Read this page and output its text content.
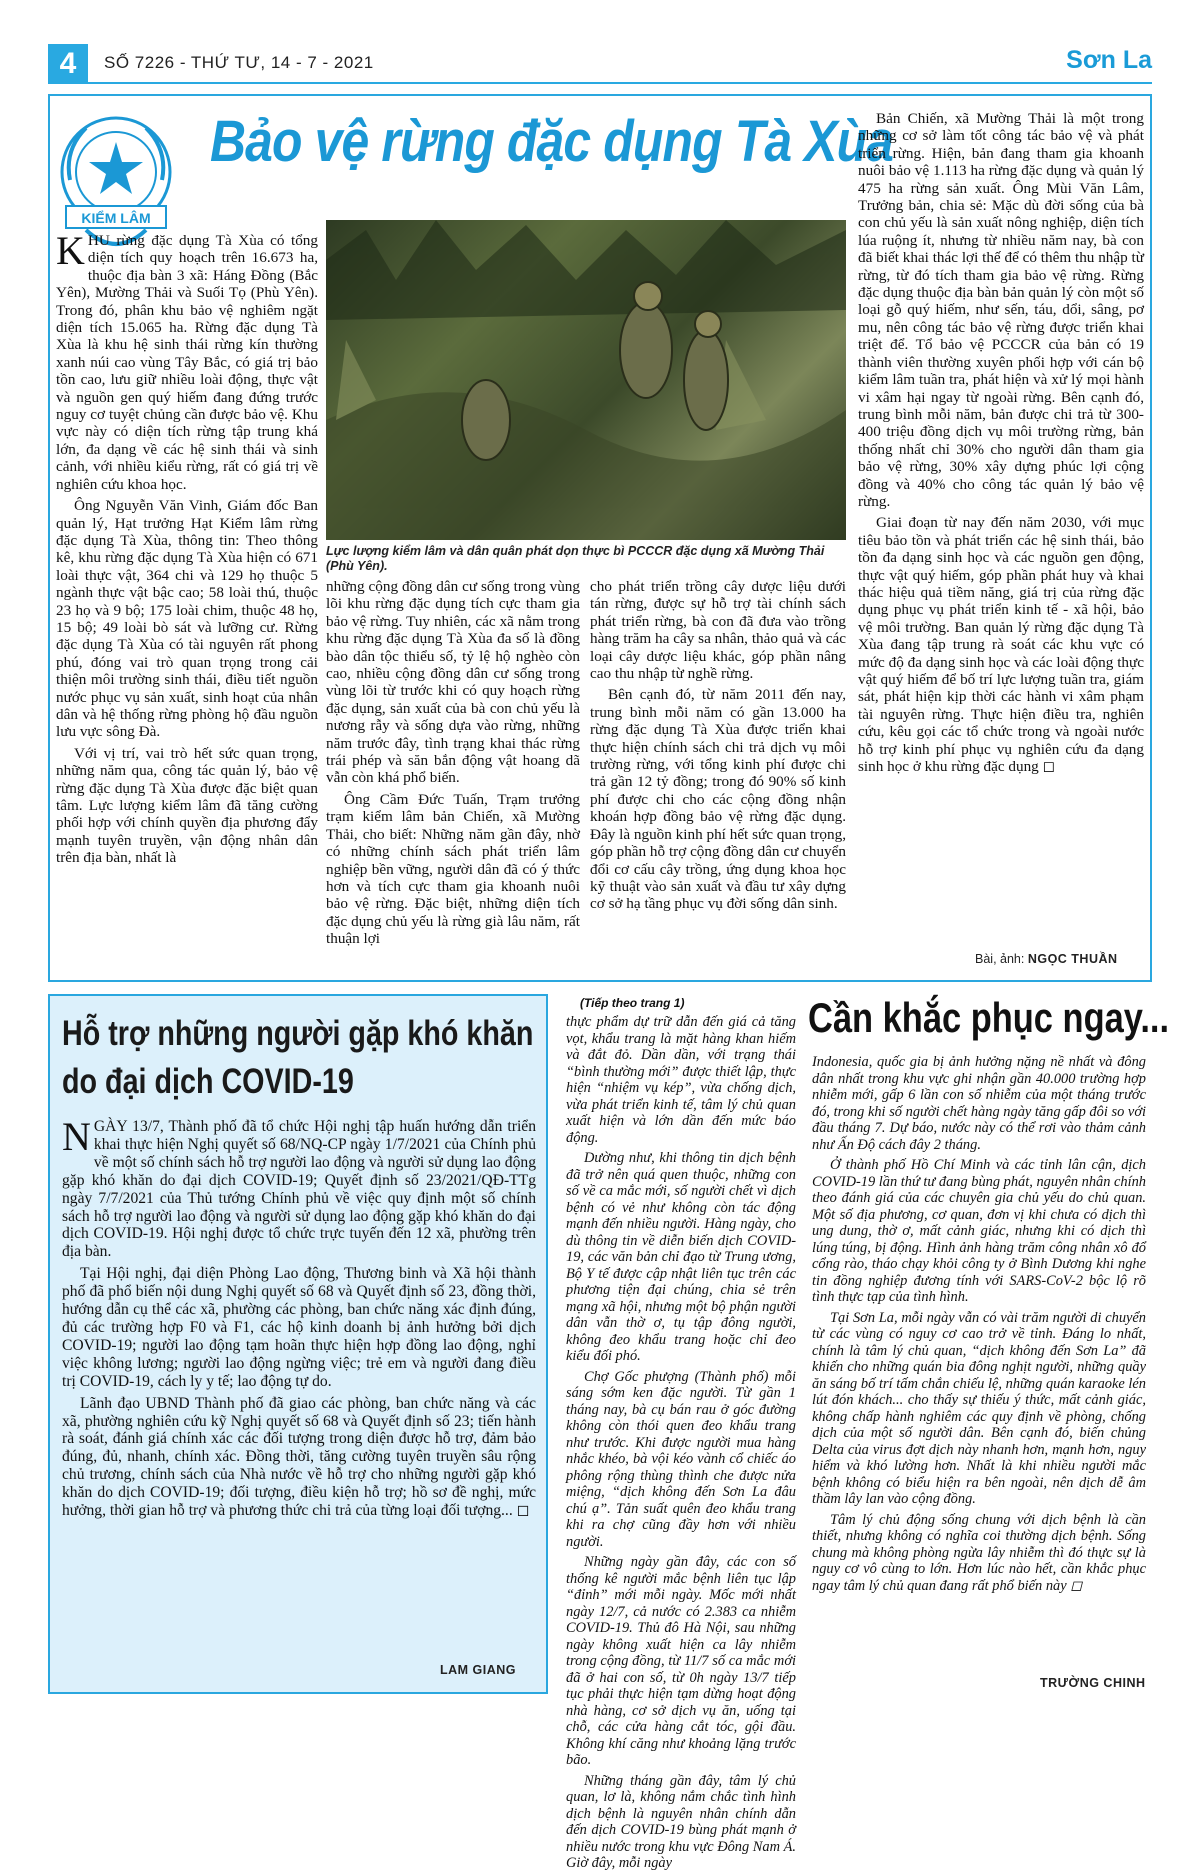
4	SỐ 7226 - THỨ TƯ, 14 - 7 - 2021	Sơn La
KIỂM LÂM
Bảo vệ rừng đặc dụng Tà Xùa
Lực lượng kiểm lâm và dân quân phát dọn thực bì PCCCR đặc dụng xã Mường Thải (Phù Yên).

KHU rừng đặc dụng Tà Xùa có tổng diện tích quy hoạch trên 16.673 ha, thuộc địa bàn 3 xã: Háng Đồng (Bắc Yên), Mường Thải và Suối Tọ (Phù Yên). Trong đó, phân khu bảo vệ nghiêm ngặt diện tích 15.065 ha. Rừng đặc dụng Tà Xùa là khu hệ sinh thái rừng kín thường xanh núi cao vùng Tây Bắc, có giá trị bảo tồn cao, lưu giữ nhiều loài động, thực vật và nguồn gen quý hiếm đang đứng trước nguy cơ tuyệt chủng cần được bảo vệ. Khu vực này có diện tích rừng tập trung khá lớn, đa dạng về các hệ sinh thái và sinh cảnh, với nhiều kiểu rừng, rất có giá trị về nghiên cứu khoa học.

Ông Nguyễn Văn Vinh, Giám đốc Ban quản lý, Hạt trưởng Hạt Kiểm lâm rừng đặc dụng Tà Xùa, thông tin: Theo thông kê, khu rừng đặc dụng Tà Xùa hiện có 671 loài thực vật, 364 chi và 129 họ thuộc 5 ngành thực vật bậc cao; 58 loài thú, thuộc 23 họ và 9 bộ; 175 loài chim, thuộc 48 họ, 15 bộ; 49 loài bò sát và lưỡng cư. Rừng đặc dụng Tà Xùa có tài nguyên rất phong phú, đóng vai trò quan trọng trong cải thiện môi trường sinh thái, điều tiết nguồn nước phục vụ sản xuất, sinh hoạt của nhân dân và hệ thống rừng phòng hộ đầu nguồn lưu vực sông Đà.

Với vị trí, vai trò hết sức quan trọng, những năm qua, công tác quản lý, bảo vệ rừng đặc dụng Tà Xùa được đặc biệt quan tâm. Lực lượng kiểm lâm đã tăng cường phối hợp với chính quyền địa phương đẩy mạnh tuyên truyền, vận động nhân dân trên địa bàn, nhất là

những cộng đồng dân cư sống trong vùng lõi khu rừng đặc dụng tích cực tham gia bảo vệ rừng. Tuy nhiên, các xã nằm trong khu rừng đặc dụng Tà Xùa đa số là đồng bào dân tộc thiểu số, tỷ lệ hộ nghèo còn cao, nhiều cộng đồng dân cư sống trong vùng lõi từ trước khi có quy hoạch rừng đặc dụng, sản xuất của bà con chủ yếu là nương rẫy và sống dựa vào rừng, những năm trước đây, tình trạng khai thác rừng trái phép và săn bắn động vật hoang dã vẫn còn khá phổ biến.

Ông Cầm Đức Tuấn, Trạm trưởng trạm kiểm lâm bản Chiến, xã Mường Thải, cho biết: Những năm gần đây, nhờ có những chính sách phát triển lâm nghiệp bền vững, người dân đã có ý thức hơn và tích cực tham gia khoanh nuôi bảo vệ rừng. Đặc biệt, những diện tích đặc dụng chủ yếu là rừng già lâu năm, rất thuận lợi

cho phát triển trồng cây dược liệu dưới tán rừng, được sự hỗ trợ tài chính sách phát triển rừng, bà con đã đưa vào trồng hàng trăm ha cây sa nhân, thảo quả và các loại cây dược liệu khác, góp phần nâng cao thu nhập từ nghề rừng.

Bên cạnh đó, từ năm 2011 đến nay, trung bình mỗi năm có gần 13.000 ha rừng đặc dụng Tà Xùa được triển khai thực hiện chính sách chi trả dịch vụ môi trường rừng, với tổng kinh phí được chi trả gần 12 tỷ đồng; trong đó 90% số kinh phí được chi cho các cộng đồng nhận khoán hợp đồng bảo vệ rừng đặc dụng. Đây là nguồn kinh phí hết sức quan trọng, góp phần hỗ trợ cộng đồng dân cư chuyển đổi cơ cấu cây trồng, ứng dụng khoa học kỹ thuật vào sản xuất và đầu tư xây dựng cơ sở hạ tầng phục vụ đời sống dân sinh.

Bản Chiến, xã Mường Thải là một trong những cơ sở làm tốt công tác bảo vệ và phát triển rừng. Hiện, bản đang tham gia khoanh nuôi bảo vệ 1.113 ha rừng đặc dụng và quản lý 475 ha rừng sản xuất. Ông Mùi Văn Lâm, Trưởng bản, chia sẻ: Mặc dù đời sống của bà con chủ yếu là sản xuất nông nghiệp, diện tích lúa ruộng ít, nhưng từ nhiều năm nay, bà con đã biết khai thác lợi thế để có thêm thu nhập từ rừng, từ đó tích tham gia bảo vệ rừng. Rừng đặc dụng thuộc địa bàn bản quản lý còn một số loại gỗ quý hiếm, như sến, táu, dổi, sâng, pơ mu, nên công tác bảo vệ rừng được triển khai triệt để. Tổ bảo vệ PCCCR của bản có 19 thành viên thường xuyên phối hợp với cán bộ kiểm lâm tuần tra, phát hiện và xử lý mọi hành vi xâm hại ngay từ ngoài rừng. Bên cạnh đó, trung bình mỗi năm, bản được chi trả từ 300-400 triệu đồng dịch vụ môi trường rừng, bản thống nhất chỉ 30% cho người dân tham gia bảo vệ rừng, 30% xây dựng phúc lợi cộng đồng và 40% cho công tác quản lý bảo vệ rừng.

Giai đoạn từ nay đến năm 2030, với mục tiêu bảo tồn và phát triển các hệ sinh thái, bảo tồn đa dạng sinh học và các nguồn gen động, thực vật quý hiếm, góp phần phát huy và khai thác hiệu quả tiềm năng, giá trị của rừng đặc dụng phục vụ phát triển kinh tế - xã hội, bảo vệ môi trường. Ban quản lý rừng đặc dụng Tà Xùa đang tập trung rà soát các khu vực có mức độ đa dạng sinh học và các loài động thực vật quý hiếm để bố trí lực lượng tuần tra, giám sát, phát hiện kịp thời các hành vi xâm phạm tài nguyên rừng. Thực hiện điều tra, nghiên cứu, kêu gọi các tổ chức trong và ngoài nước hỗ trợ kinh phí phục vụ nghiên cứu đa dạng sinh học ở khu rừng đặc dụng ◻

Bài, ảnh: NGỌC THUẦN
Hỗ trợ những người gặp khó khăn
do đại dịch COVID-19

NGÀY 13/7, Thành phố đã tổ chức Hội nghị tập huấn hướng dẫn triển khai thực hiện Nghị quyết số 68/NQ-CP ngày 1/7/2021 của Chính phủ về một số chính sách hỗ trợ người lao động và người sử dụng lao động gặp khó khăn do đại dịch COVID-19; Quyết định số 23/2021/QĐ-TTg ngày 7/7/2021 của Thủ tướng Chính phủ về việc quy định một số chính sách hỗ trợ người lao động và người sử dụng lao động gặp khó khăn do đại dịch COVID-19. Hội nghị được tổ chức trực tuyến đến 12 xã, phường trên địa bàn.

Tại Hội nghị, đại diện Phòng Lao động, Thương binh và Xã hội thành phố đã phổ biến nội dung Nghị quyết số 68 và Quyết định số 23, đồng thời, hướng dẫn cụ thể các xã, phường các phòng, ban chức năng xác định đúng, đủ các trường hợp F0 và F1, các hộ kinh doanh bị ảnh hưởng bởi dịch COVID-19; người lao động tạm hoãn thực hiện hợp đồng lao động, nghỉ việc không lương; người lao động ngừng việc; trẻ em và người đang điều trị COVID-19, cách ly y tế; lao động tự do.

Lãnh đạo UBND Thành phố đã giao các phòng, ban chức năng và các xã, phường nghiên cứu kỹ Nghị quyết số 68 và Quyết định số 23; tiến hành rà soát, đánh giá chính xác các đối tượng trong diện được hỗ trợ, đảm bảo đúng, đủ, nhanh, chính xác. Đồng thời, tăng cường tuyên truyền sâu rộng chủ trương, chính sách của Nhà nước về hỗ trợ cho những người gặp khó khăn do dịch COVID-19; đối tượng, điều kiện hỗ trợ; hồ sơ đề nghị, mức hưởng, thời gian hỗ trợ và phương thức chi trả của từng loại đối tượng... ◻

LAM GIANG
(Tiếp theo trang 1)

thực phẩm dự trữ dẫn đến giá cả tăng vọt, khẩu trang là mặt hàng khan hiếm và đắt đỏ. Dần dần, với trạng thái “bình thường mới” được thiết lập, thực hiện “nhiệm vụ kép”, vừa chống dịch, vừa phát triển kinh tế, tâm lý chủ quan xuất hiện và lớn dần đến mức báo động.

Dường như, khi thông tin dịch bệnh đã trở nên quá quen thuộc, những con số về ca mắc mới, số người chết vì dịch bệnh có vẻ như không còn tác động mạnh đến nhiều người. Hàng ngày, cho dù thông tin về diễn biến dịch COVID-19, các văn bản chỉ đạo từ Trung ương, Bộ Y tế được cập nhật liên tục trên các phương tiện đại chúng, chia sẻ trên mạng xã hội, nhưng một bộ phận người dân vẫn thờ ơ, tụ tập đông người, không đeo khẩu trang hoặc chỉ đeo kiểu đối phó.

Chợ Gốc phượng (Thành phố) mỗi sáng sớm ken đặc người. Từ gần 1 tháng nay, bà cụ bán rau ở góc đường không còn thói quen đeo khẩu trang như trước. Khi được người mua hàng nhắc khéo, bà vội kéo vành cổ chiếc áo phông rộng thùng thình che được nửa miệng, “dịch không đến Sơn La đâu chú ạ”. Tản suất quên đeo khẩu trang khi ra chợ cũng đầy hơn với nhiều người.

Những ngày gần đây, các con số thống kê người mắc bệnh liên tục lập “đỉnh” mới mỗi ngày. Mốc mới nhất ngày 12/7, cả nước có 2.383 ca nhiễm COVID-19. Thủ đô Hà Nội, sau những ngày không xuất hiện ca lây nhiễm trong cộng đồng, từ 11/7 số ca mắc mới đã ở hai con số, từ 0h ngày 13/7 tiếp tục phải thực hiện tạm dừng hoạt động nhà hàng, cơ sở dịch vụ ăn, uống tại chỗ, các cửa hàng cắt tóc, gội đầu. Không khí căng như khoảng lặng trước bão.

Những tháng gần đây, tâm lý chủ quan, lơ là, không nắm chắc tình hình dịch bệnh là nguyên nhân chính dẫn đến dịch COVID-19 bùng phát mạnh ở nhiều nước trong khu vực Đông Nam Á. Giờ đây, mỗi ngày

Cần khắc phục ngay...

Indonesia, quốc gia bị ảnh hưởng nặng nề nhất và đông dân nhất trong khu vực ghi nhận gần 40.000 trường hợp nhiễm mới, gấp 6 lần con số nhiễm của một tháng trước đó, trong khi số người chết hàng ngày tăng gấp đôi so với đầu tháng 7. Dự báo, nước này có thể rơi vào thảm cảnh như Ấn Độ cách đây 2 tháng.

Ở thành phố Hồ Chí Minh và các tỉnh lân cận, dịch COVID-19 lần thứ tư đang bùng phát, nguyên nhân chính theo đánh giá của các chuyên gia chủ yếu do chủ quan. Một số địa phương, cơ quan, đơn vị khi chưa có dịch thì ung dung, thờ ơ, mất cảnh giác, nhưng khi có dịch thì lúng túng, bị động. Hình ảnh hàng trăm công nhân xô đổ cổng rào, tháo chạy khỏi công ty ở Bình Dương khi nghe tin đồng nghiệp đương tính với SARS-CoV-2 bộc lộ rõ tình thực tạp của tình hình.

Tại Sơn La, mỗi ngày vẫn có vài trăm người di chuyển từ các vùng có nguy cơ cao trở về tỉnh. Đáng lo nhất, chính là tâm lý chủ quan, “dịch không đến Sơn La” đã khiến cho những quán bia đông nghịt người, những quầy ăn sáng bố trí tấm chắn chiếu lệ, những quán karaoke lén lút đón khách... cho thấy sự thiếu ý thức, mất cảnh giác, không chấp hành nghiêm các quy định về phòng, chống dịch của một số người dân. Bên cạnh đó, biến chủng Delta của virus đợt dịch này nhanh hơn, mạnh hơn, nguy hiểm và khó lường hơn. Nhất là khi nhiều người mắc bệnh không có biểu hiện ra bên ngoài, nên dịch dễ âm thầm lây lan vào cộng đồng.

Tâm lý chủ động sống chung với dịch bệnh là cần thiết, nhưng không có nghĩa coi thường dịch bệnh. Sống chung mà không phòng ngừa lây nhiễm thì đó thực sự là nguy cơ vô cùng to lớn. Hơn lúc nào hết, cần khắc phục ngay tâm lý chủ quan đang rất phổ biến này ◻

TRƯỜNG CHINH
